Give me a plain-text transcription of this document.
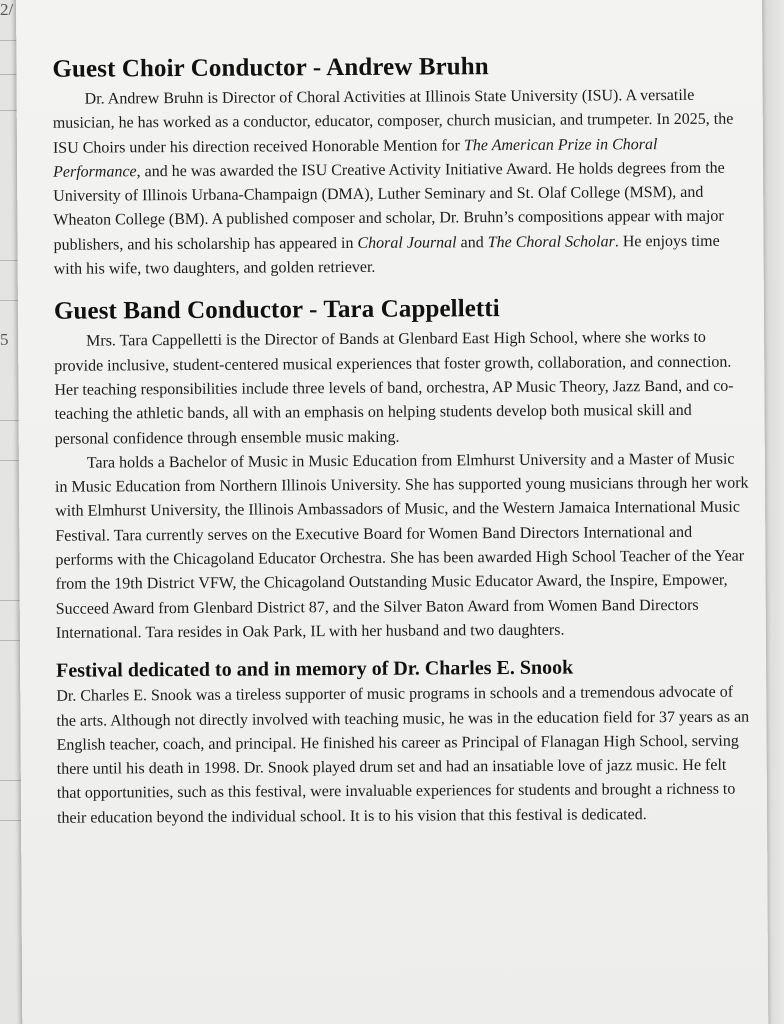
2/
5
Guest Choir Conductor - Andrew Bruhn

Dr. Andrew Bruhn is Director of Choral Activities at Illinois State University (ISU). A versatile musician, he has worked as a conductor, educator, composer, church musician, and trumpeter. In 2025, the ISU Choirs under his direction received Honorable Mention for The American Prize in Choral Performance, and he was awarded the ISU Creative Activity Initiative Award. He holds degrees from the University of Illinois Urbana-Champaign (DMA), Luther Seminary and St. Olaf College (MSM), and Wheaton College (BM). A published composer and scholar, Dr. Bruhn’s compositions appear with major publishers, and his scholarship has appeared in Choral Journal and The Choral Scholar. He enjoys time with his wife, two daughters, and golden retriever.

Guest Band Conductor - Tara Cappelletti

Mrs. Tara Cappelletti is the Director of Bands at Glenbard East High School, where she works to provide inclusive, student-centered musical experiences that foster growth, collaboration, and connection. Her teaching responsibilities include three levels of band, orchestra, AP Music Theory, Jazz Band, and co-teaching the athletic bands, all with an emphasis on helping students develop both musical skill and personal confidence through ensemble music making.

Tara holds a Bachelor of Music in Music Education from Elmhurst University and a Master of Music in Music Education from Northern Illinois University. She has supported young musicians through her work with Elmhurst University, the Illinois Ambassadors of Music, and the Western Jamaica International Music Festival. Tara currently serves on the Executive Board for Women Band Directors International and performs with the Chicagoland Educator Orchestra. She has been awarded High School Teacher of the Year from the 19th District VFW, the Chicagoland Outstanding Music Educator Award, the Inspire, Empower, Succeed Award from Glenbard District 87, and the Silver Baton Award from Women Band Directors International. Tara resides in Oak Park, IL with her husband and two daughters.

Festival dedicated to and in memory of Dr. Charles E. Snook

Dr. Charles E. Snook was a tireless supporter of music programs in schools and a tremendous advocate of the arts. Although not directly involved with teaching music, he was in the education field for 37 years as an English teacher, coach, and principal. He finished his career as Principal of Flanagan High School, serving there until his death in 1998. Dr. Snook played drum set and had an insatiable love of jazz music. He felt that opportunities, such as this festival, were invaluable experiences for students and brought a richness to their education beyond the individual school. It is to his vision that this festival is dedicated.
